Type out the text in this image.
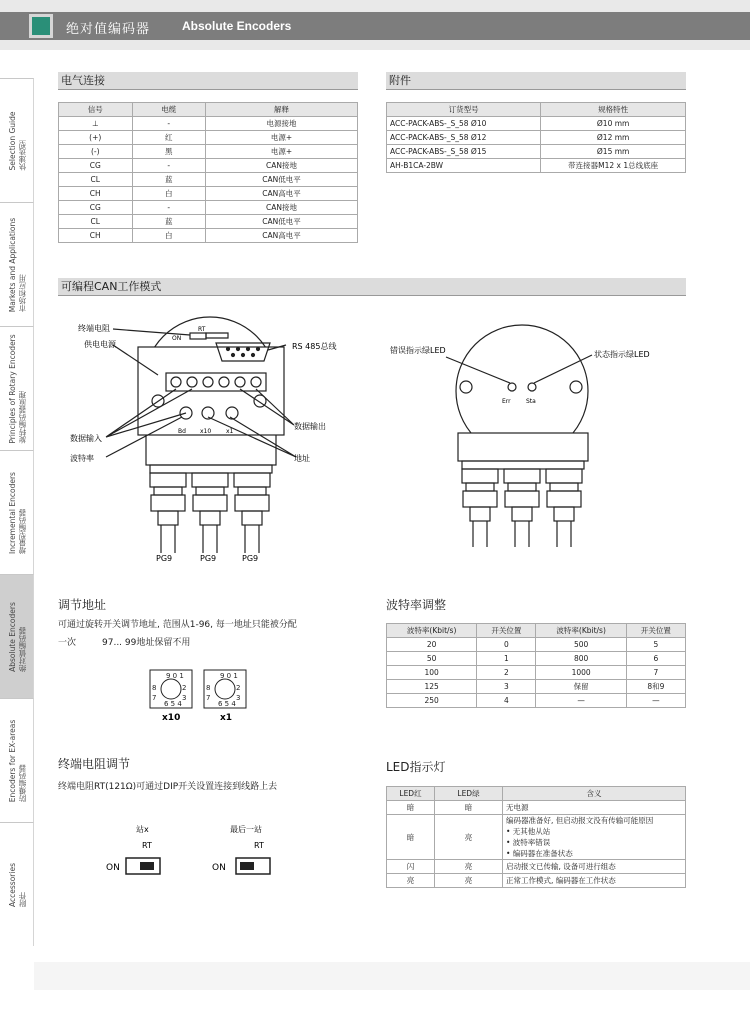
绝对值编码器	Absolute Encoders
Selection Guide 快速选型
Markets and Applications 市场和应用
Principles of Rotary Encoders 旋转编码器原理
Incremental Encoders 增量型编码器
Absolute Encoders 绝对值编码器
Encoders for EX-areas 防爆编码器
Accessories 附件
电气连接
信号	电缆	解释
⊥	-	电源接地
(+)	红	电源+
(-)	黑	电源+
CG	-	CAN接地
CL	蓝	CAN低电平
CH	白	CAN高电平
CG	-	CAN接地
CL	蓝	CAN低电平
CH	白	CAN高电平
附件
订货型号	规格特性
ACC-PACK-ABS-_S_58 Ø10	Ø10 mm
ACC-PACK-ABS-_S_58 Ø12	Ø12 mm
ACC-PACK-ABS-_S_58 Ø15	Ø15 mm
AH-B1CA-2BW	带连接器M12 x 1总线底座
可编程CAN工作模式
终端电阻
供电电源	RS 485总线
数据输入
数据输出
波特率	地址
ON
RT
Bd x10 x1
PG9	PG9	PG9
错误指示绿LED	状态指示绿LED
Err	Sta
调节地址
可通过旋转开关调节地址, 范围从1-96, 每一地址只能被分配
一次	97... 99地址保留不用
9 0 1
8	2
7	3
6 5 4
9 0 1
8	2
7	3
6 5 4
x10	x1
终端电阻调节
终端电阻RT(121Ω)可通过DIP开关设置连接到线路上去
站x	最后一站
RT	RT
ON	ON
波特率调整
波特率(Kbit/s)	开关位置	波特率(Kbit/s)	开关位置
20	0	500	5
50	1	800	6
100	2	1000	7
125	3	保留	8和9
250	4	—	—
LED指示灯
LED红	LED绿	含义
暗	暗	无电源

暗	亮	编码器准备好, 但启动报文没有传输可能原因
• 无其他从站
• 波特率错误
• 编码器在准备状态

闪	亮	启动报文已传输, 设备可进行组态

亮	亮	正常工作模式, 编码器在工作状态
